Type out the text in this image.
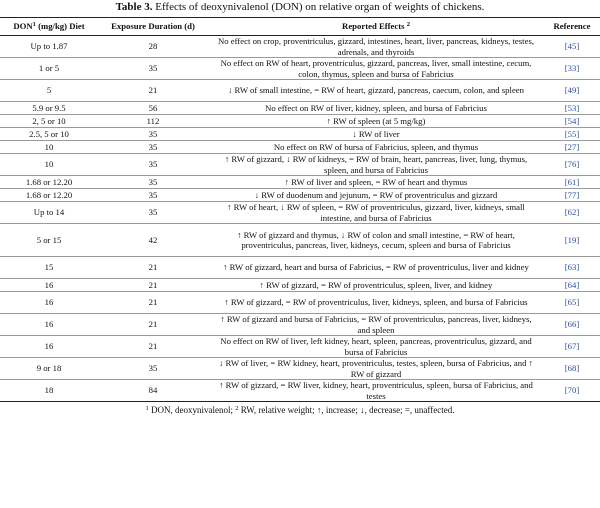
Table 3. Effects of deoxynivalenol (DON) on relative organ of weights of chickens.
DON$^1$ (mg/kg) Diet	Exposure Duration (d)	Reported Effects $^2$	Reference
Up to 1.87	28	No effect on crop, proventriculus, gizzard, intestines, heart, liver, pancreas, kidneys, testes, adrenals, and thyroids	[45]
1 or 5	35	No effect on RW of heart, proventriculus, gizzard, pancreas, liver, small intestine, cecum, colon, thymus, spleen and bursa of Fabricius	[33]
5	21	↓ RW of small intestine, = RW of heart, gizzard, pancreas, caecum, colon, and spleen	[49]
5.9 or 9.5	56	No effect on RW of liver, kidney, spleen, and bursa of Fabricius	[53]
2, 5 or 10	112	↑ RW of spleen (at 5 mg/kg)	[54]
2.5, 5 or 10	35	↓ RW of liver	[55]
10	35	No effect on RW of bursa of Fabricius, spleen, and thymus	[27]
10	35	↑ RW of gizzard, ↓ RW of kidneys, = RW of brain, heart, pancreas, liver, lung, thymus, spleen, and bursa of Fabricius	[76]
1.68 or 12.20	35	↑ RW of liver and spleen, = RW of heart and thymus	[61]
1.68 or 12.20	35	↓ RW of duodenum and jejunum, = RW of proventriculus and gizzard	[77]
Up to 14	35	↑ RW of heart, ↓ RW of spleen, = RW of proventriculus, gizzard, liver, kidneys, small intestine, and bursa of Fabricius	[62]
5 or 15	42	↑ RW of gizzard and thymus, ↓ RW of colon and small intestine, = RW of heart, proventriculus, pancreas, liver, kidneys, cecum, spleen and bursa of Fabricius	[19]
15	21	↑ RW of gizzard, heart and bursa of Fabricius, = RW of proventriculus, liver and kidney	[63]
16	21	↑ RW of gizzard, = RW of proventriculus, spleen, liver, and kidney	[64]
16	21	↑ RW of gizzard, = RW of proventriculus, liver, kidneys, spleen, and bursa of Fabricius	[65]
16	21	↑ RW of gizzard and bursa of Fabricius, = RW of proventriculus, pancreas, liver, kidneys, and spleen	[66]
16	21	No effect on RW of liver, left kidney, heart, spleen, pancreas, proventriculus, gizzard, and bursa of Fabricius	[67]
9 or 18	35	↓ RW of liver, = RW kidney, heart, proventriculus, testes, spleen, bursa of Fabricius, and ↑ RW of gizzard	[68]
18	84	↑ RW of gizzard, = RW liver, kidney, heart, proventriculus, spleen, bursa of Fabricius, and testes	[70]
$^1$ DON, deoxynivalenol; $^2$ RW, relative weight; ↑, increase; ↓, decrease; =, unaffected.
